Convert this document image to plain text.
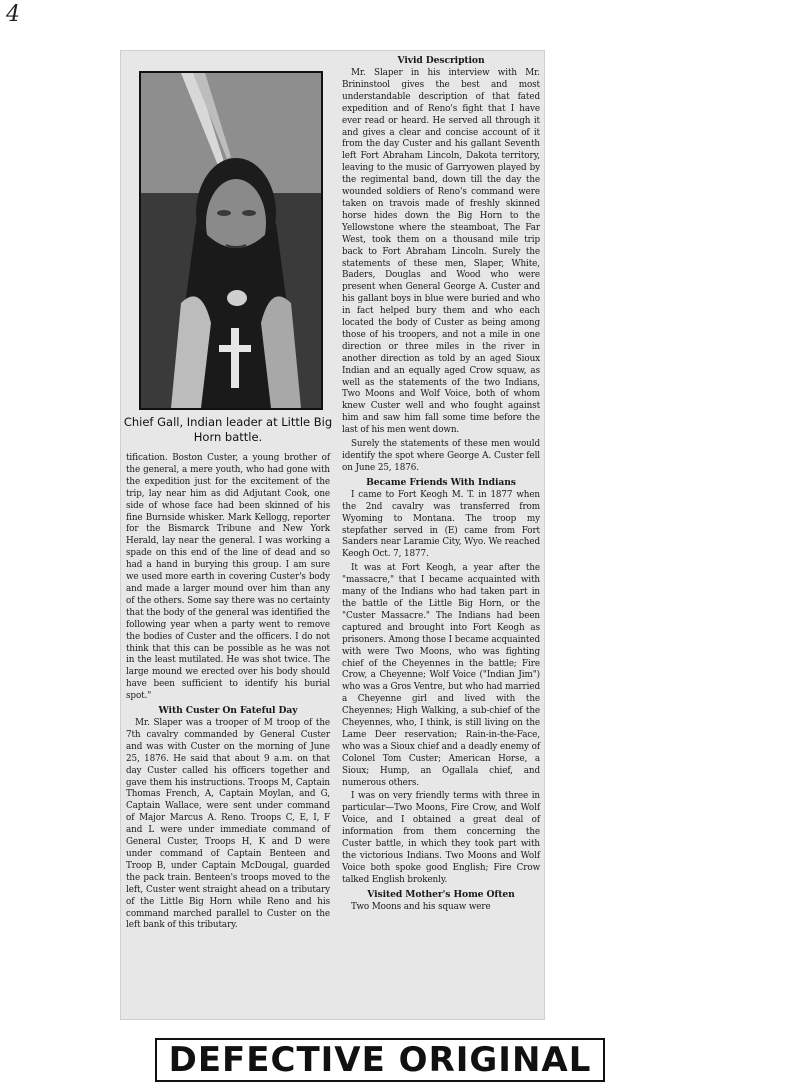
4
Chief Gall, Indian leader at Little Big Horn battle.

tification. Boston Custer, a young brother of the general, a mere youth, who had gone with the expedition just for the excitement of the trip, lay near him as did Adjutant Cook, one side of whose face had been skinned of his fine Burnside whisker. Mark Kellogg, reporter for the Bismarck Tribune and New York Herald, lay near the general. I was working a spade on this end of the line of dead and so had a hand in burying this group. I am sure we used more earth in covering Custer's body and made a larger mound over him than any of the others. Some say there was no certainty that the body of the general was identified the following year when a party went to remove the bodies of Custer and the officers. I do not think that this can be possible as he was not in the least mutilated. He was shot twice. The large mound we erected over his body should have been sufficient to identify his burial spot."

With Custer On Fateful Day

Mr. Slaper was a trooper of M troop of the 7th cavalry commanded by General Custer and was with Custer on the morning of June 25, 1876. He said that about 9 a.m. on that day Custer called his officers together and gave them his instructions. Troops M, Captain Thomas French, A, Captain Moylan, and G, Captain Wallace, were sent under command of Major Marcus A. Reno. Troops C, E, I, F and L were under immediate command of General Custer, Troops H, K and D were under command of Captain Benteen and Troop B, under Captain McDougal, guarded the pack train. Benteen's troops moved to the left, Custer went straight ahead on a tributary of the Little Big Horn while Reno and his command marched parallel to Custer on the left bank of this tributary.

Vivid Description

Mr. Slaper in his interview with Mr. Brininstool gives the best and most understandable description of that fated expedition and of Reno's fight that I have ever read or heard. He served all through it and gives a clear and concise account of it from the day Custer and his gallant Seventh left Fort Abraham Lincoln, Dakota territory, leaving to the music of Garryowen played by the regimental band, down till the day the wounded soldiers of Reno's command were taken on travois made of freshly skinned horse hides down the Big Horn to the Yellowstone where the steamboat, The Far West, took them on a thousand mile trip back to Fort Abraham Lincoln. Surely the statements of these men, Slaper, White, Baders, Douglas and Wood who were present when General George A. Custer and his gallant boys in blue were buried and who in fact helped bury them and who each located the body of Custer as being among those of his troopers, and not a mile in one direction or three miles in the river in another direction as told by an aged Sioux Indian and an equally aged Crow squaw, as well as the statements of the two Indians, Two Moons and Wolf Voice, both of whom knew Custer well and who fought against him and saw him fall some time before the last of his men went down.

Surely the statements of these men would identify the spot where George A. Custer fell on June 25, 1876.

Became Friends With Indians

I came to Fort Keogh M. T. in 1877 when the 2nd cavalry was transferred from Wyoming to Montana. The troop my stepfather served in (E) came from Fort Sanders near Laramie City, Wyo. We reached Keogh Oct. 7, 1877.

It was at Fort Keogh, a year after the "massacre," that I became acquainted with many of the Indians who had taken part in the battle of the Little Big Horn, or the "Custer Massacre." The Indians had been captured and brought into Fort Keogh as prisoners. Among those I became acquainted with were Two Moons, who was fighting chief of the Cheyennes in the battle; Fire Crow, a Cheyenne; Wolf Voice ("Indian Jim") who was a Gros Ventre, but who had married a Cheyenne girl and lived with the Cheyennes; High Walking, a sub-chief of the Cheyennes, who, I think, is still living on the Lame Deer reservation; Rain-in-the-Face, who was a Sioux chief and a deadly enemy of Colonel Tom Custer; American Horse, a Sioux; Hump, an Ogallala chief, and numerous others.

I was on very friendly terms with three in particular—Two Moons, Fire Crow, and Wolf Voice, and I obtained a great deal of information from them concerning the Custer battle, in which they took part with the victorious Indians. Two Moons and Wolf Voice both spoke good English; Fire Crow talked English brokenly.

Visited Mother's Home Often

Two Moons and his squaw were

DEFECTIVE ORIGINAL
